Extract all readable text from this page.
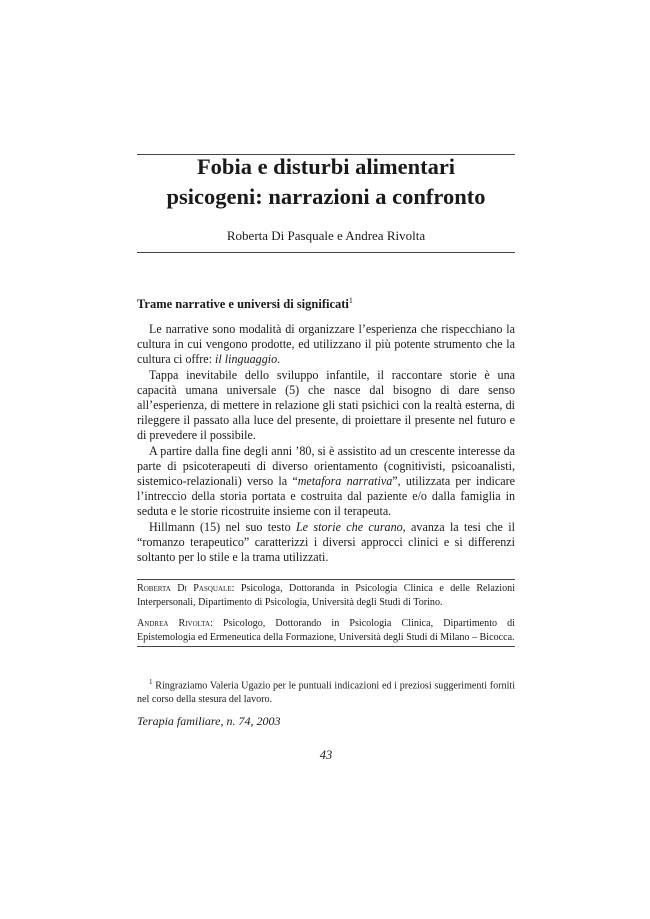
Fobia e disturbi alimentari
psicogeni: narrazioni a confronto
Roberta Di Pasquale e Andrea Rivolta
Trame narrative e universi di significati$^1$

Le narrative sono modalità di organizzare l’esperienza che rispecchiano la cultura in cui vengono prodotte, ed utilizzano il più potente strumento che la cultura ci offre: il linguaggio.

Tappa inevitabile dello sviluppo infantile, il raccontare storie è una capacità umana universale (5) che nasce dal bisogno di dare senso all’esperienza, di mettere in relazione gli stati psichici con la realtà esterna, di rileggere il passato alla luce del presente, di proiettare il presente nel futuro e di prevedere il possibile.

A partire dalla fine degli anni ’80, si è assistito ad un crescente interesse da parte di psicoterapeuti di diverso orientamento (cognitivisti, psicoanalisti, sistemico-relazionali) verso la “metafora narrativa”, utilizzata per indicare l’intreccio della storia portata e costruita dal paziente e/o dalla famiglia in seduta e le storie ricostruite insieme con il terapeuta.

Hillmann (15) nel suo testo Le storie che curano, avanza la tesi che il “romanzo terapeutico” caratterizzi i diversi approcci clinici e si differenzi soltanto per lo stile e la trama utilizzati.

Roberta Di Pasquale: Psicologa, Dottoranda in Psicologia Clinica e delle Relazioni Interpersonali, Dipartimento di Psicologia, Università degli Studi di Torino.

Andrea Rivolta: Psicologo, Dottorando in Psicologia Clinica, Dipartimento di Epistemologia ed Ermeneutica della Formazione, Università degli Studi di Milano – Bicocca.

$^1$ Ringraziamo Valeria Ugazio per le puntuali indicazioni ed i preziosi suggerimenti forniti nel corso della stesura del lavoro.

Terapia familiare, n. 74, 2003
43
